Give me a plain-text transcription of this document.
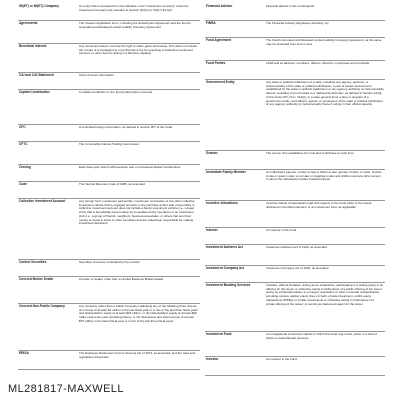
80(ET) or 80(ET) Company	An entity that is excepted from the definition of an "investment company" under the Investment Company Act pursuant to Section 3(c)(1) or 3(c)(7) thereof
Agreements	The Investor Application Form, including the Subscription Agreement and the Fund's Amended and Restated Limited Liability Company Agreement
Beneficial Interest	Any economic interest, such as the right to share gains and losses. This does not include the receipt of a management or performance fee for operating a Collective Investment Account, or other fees for acting in a fiduciary capacity
CAI and CAI Statement	Client Account Information
Capital Contribution	A capital contribution in the Fund (subscription amount)
CFC	A controlled foreign corporation, as defined in Section 957 of the Code
CFTC	The Commodity Futures Trading Commission
Closing	Each date upon which LRIIA accepts new or increased Capital Contributions
Code	The Internal Revenue Code of 1986, as amended
Collective Investment Account	Any foreign fund, investment partnership, investment corporation or any other collective investment vehicle that is engaged primarily in the purchase and/or sale of securities. A collective investment account does not include a family investment vehicle (i.e., a legal entity that is beneficially owned solely by immediate family members) or an investment club (i.e., a group of friends, neighbors, business associates, or others that pool their money to invest in stock or other securities and are collectively responsible for making investment decisions)
Control Securities	Securities of issuers controlled by the investor
Covered Broker Dealer	A broker or dealer, other than a Limited Business Broker-Dealer
Covered Non-Public Company	Any company (other than a Public Company) satisfying any of the following three criteria: (1) income of at least $1 million in the last fiscal year or in two of the last three fiscal years and shareholders' equity of at least $15 million; or (2) shareholders' equity of at least $30 million and a two-year operating history; or (3) total assets and total revenue of at least $75 million in the latest fiscal year or in two of the last three fiscal years
ERISA	The Employee Retirement Income Security Act of 1974, as amended, and the rules and regulations thereunder
Financial Advisor	Financial advisor to the undersigned
FINRA	The Financial Industry Regulatory Authority, Inc.
Fund Agreement	The Fund's Amended and Restated Limited Liability Company Agreement, as the same may be amended from time to time
Fund Parties	LRIIA and its advisors, members, officers, directors, employees and principals
Government Entity	Any state or political subdivision of a state, including any agency, authority, or instrumentality of the state or political subdivision; a pool of assets sponsored or established by the state or political subdivision or any agency, authority or instrumentality thereof, including, but not limited to a "defined benefit plan" as defined in Section 414(j) of the Code (26 U.S.C. 414(j)), or a state general fund; a plan or program of a government entity; and officers, agents, or employees of the state or political subdivision or any agency, authority or instrumentality thereof, acting in their official capacity
Grantor	The person who establishes the trust and contributes to such trust
Immediate Family Member	An individual's parents, mother-in-law or father-in-law, spouse, brother or sister, brother-in-law or sister-in-law, son-in-law or daughter-in-law and children and any other person to whom the individual provides material support
Incentive Allocations	Incentive-based compensation paid with respect to the Fund (refer to the extent disclosed in the Memorandum) or an investment fund, as applicable
Interest	An interest in the Fund
Investment Advisers Act	Investment Advisers Act of 1940, as amended
Investment Company Act	Investment Company Act of 1940, as amended
Investment Banking Services	Includes, without limitation, acting as an underwriter, participating in a selling group in an offering for the issuer or otherwise acting in furtherance of a public offering of the issuer; acting as a financial adviser in a merger, acquisition or other corporate reorganization; providing venture capital, equity lines of credit, private investment, public equity transactions (PIPEs) or similar investments or otherwise acting in furtherance of a private offering of the issuer; or serving as placement agent for the issuer
Investment Fund	An unregistered investment vehicle in which the Fund may invest, either in a fund of funds or master/feeder structure
Investor	An investor in the Fund
ML281817-MAXWELL
